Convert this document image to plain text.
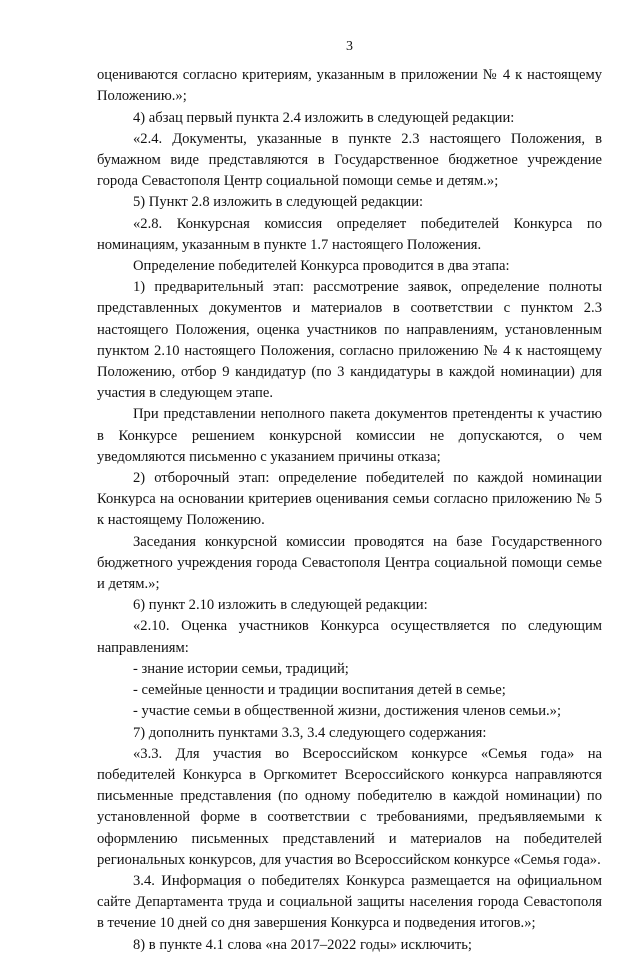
3

оцениваются согласно критериям, указанным в приложении № 4 к настоящему Положению.»;

4) абзац первый пункта 2.4 изложить в следующей редакции:

«2.4. Документы, указанные в пункте 2.3 настоящего Положения, в бумажном виде представляются в Государственное бюджетное учреждение города Севастополя Центр социальной помощи семье и детям.»;

5) Пункт 2.8 изложить в следующей редакции:

«2.8. Конкурсная комиссия определяет победителей Конкурса по номинациям, указанным в пункте 1.7 настоящего Положения.

Определение победителей Конкурса проводится в два этапа:

1) предварительный этап: рассмотрение заявок, определение полноты представленных документов и материалов в соответствии с пунктом 2.3 настоящего Положения, оценка участников по направлениям, установленным пунктом 2.10 настоящего Положения, согласно приложению № 4 к настоящему Положению, отбор 9 кандидатур (по 3 кандидатуры в каждой номинации) для участия в следующем этапе.

При представлении неполного пакета документов претенденты к участию в Конкурсе решением конкурсной комиссии не допускаются, о чем уведомляются письменно с указанием причины отказа;

2) отборочный этап: определение победителей по каждой номинации Конкурса на основании критериев оценивания семьи согласно приложению № 5 к настоящему Положению.

Заседания конкурсной комиссии проводятся на базе Государственного бюджетного учреждения города Севастополя Центра социальной помощи семье и детям.»;

6) пункт 2.10 изложить в следующей редакции:

«2.10. Оценка участников Конкурса осуществляется по следующим направлениям:

- знание истории семьи, традиций;

- семейные ценности и традиции воспитания детей в семье;

- участие семьи в общественной жизни, достижения членов семьи.»;

7) дополнить пунктами 3.3, 3.4 следующего содержания:

«3.3. Для участия во Всероссийском конкурсе «Семья года» на победителей Конкурса в Оргкомитет Всероссийского конкурса направляются письменные представления (по одному победителю в каждой номинации) по установленной форме в соответствии с требованиями, предъявляемыми к оформлению письменных представлений и материалов на победителей региональных конкурсов, для участия во Всероссийском конкурсе «Семья года».

3.4. Информация о победителях Конкурса размещается на официальном сайте Департамента труда и социальной защиты населения города Севастополя в течение 10 дней со дня завершения Конкурса и подведения итогов.»;

8) в пункте 4.1 слова «на 2017–2022 годы» исключить;
